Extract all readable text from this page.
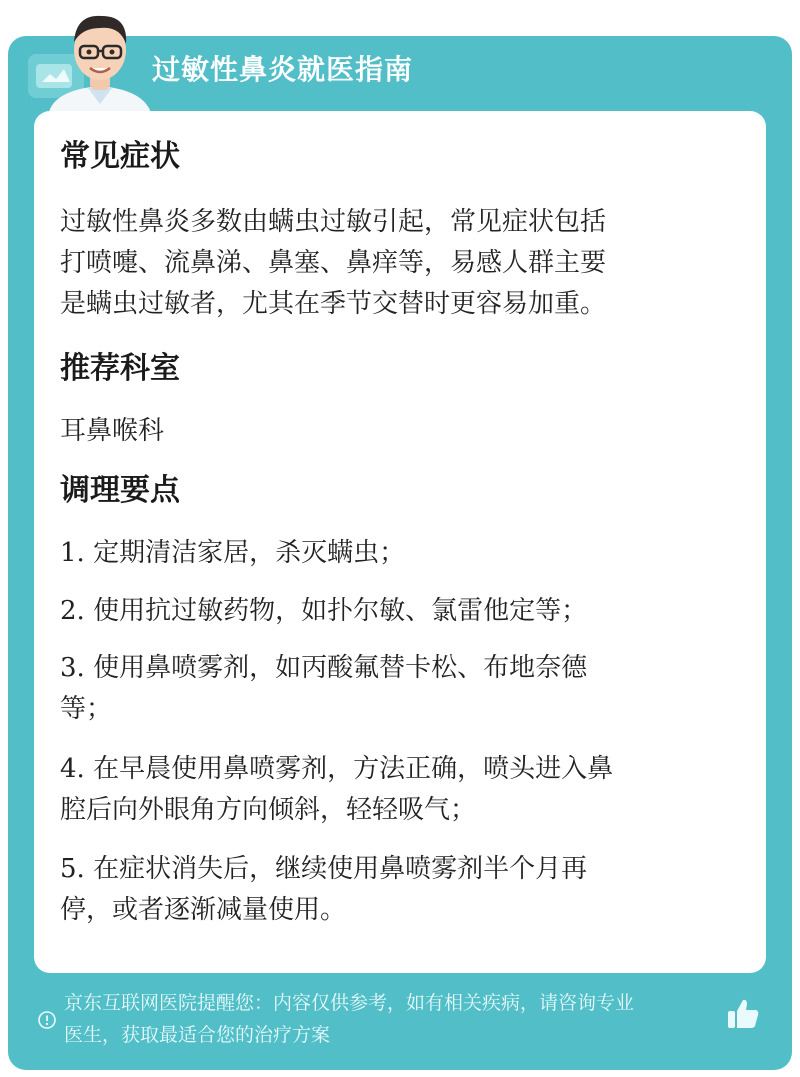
过敏性鼻炎就医指南
常见症状

过敏性鼻炎多数由螨虫过敏引起，常见症状包括

打喷嚏、流鼻涕、鼻塞、鼻痒等，易感人群主要

是螨虫过敏者，尤其在季节交替时更容易加重。

推荐科室

耳鼻喉科

调理要点

1. 定期清洁家居，杀灭螨虫；

2. 使用抗过敏药物，如扑尔敏、氯雷他定等；

3. 使用鼻喷雾剂，如丙酸氟替卡松、布地奈德

等；

4. 在早晨使用鼻喷雾剂，方法正确，喷头进入鼻

腔后向外眼角方向倾斜，轻轻吸气；

5. 在症状消失后，继续使用鼻喷雾剂半个月再

停，或者逐渐减量使用。

京东互联网医院提醒您：内容仅供参考，如有相关疾病，请咨询专业
医生，获取最适合您的治疗方案
